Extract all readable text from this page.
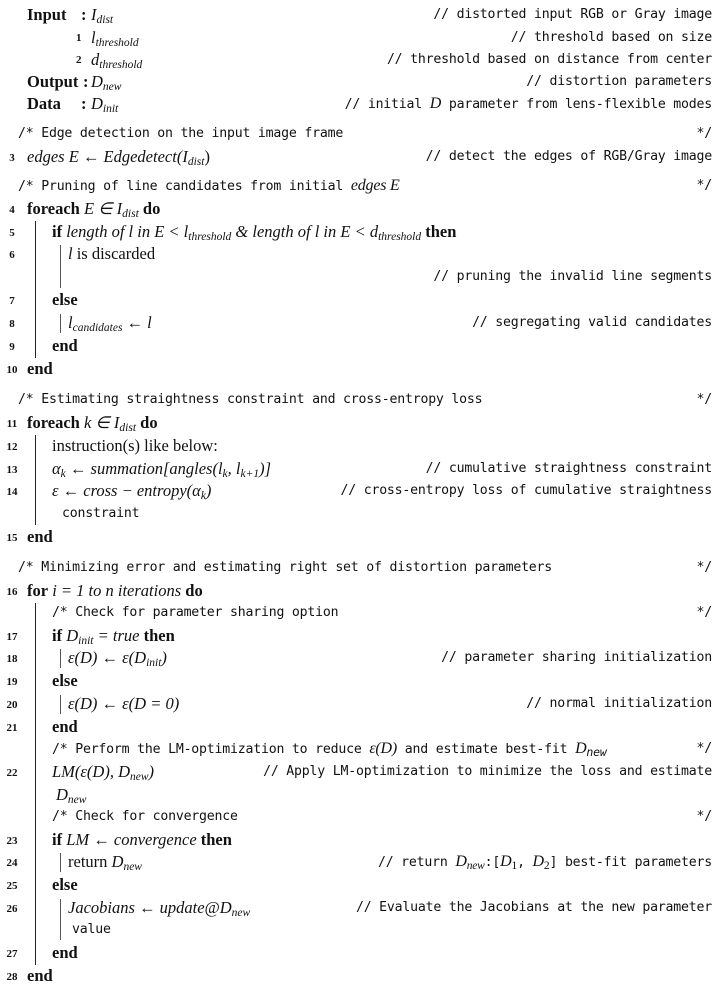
Input : $I_{dist}$	// distorted input RGB or Gray image
1 $l_{threshold}$	// threshold based on size
2 $d_{threshold}$	// threshold based on distance from center
Output : $D_{new}$	// distortion parameters
Data : $D_{init}$	// initial D parameter from lens-flexible modes
/* Edge detection on the input image frame	*/
3 edges E ← $Edgedetect(I_{dist})$	// detect the edges of RGB/Gray image
/* Pruning of line candidates from initial edges E	*/
4 foreach E ∈ $I_{dist}$ do
5	if length of l in $E < l_{threshold}$ & length of l in $E < d_{threshold}$ then
6	l is discarded
// pruning the invalid line segments
7	else
8	$l_{candidates}$ ← l	// segregating valid candidates
9	end
10 end
/* Estimating straightness constraint and cross-entropy loss	*/
11 foreach k ∈ $I_{dist}$ do
12 instruction(s) like below:
13 $\alpha_k$ ← $summation[angles(l_k$, $l_{k+1}$)]	// cumulative straightness constraint
14 ε ← cross − $entropy(\alpha_k)$	// cross-entropy loss of cumulative straightness
constraint
15 end
/* Minimizing error and estimating right set of distortion parameters	*/
16 for i = 1 to n iterations do
/* Check for parameter sharing option	*/
17 if $D_{init}$ = true then
18	ε(D) ← $\varepsilon(D_{init})$	// parameter sharing initialization
19 else
20	ε(D) ← ε(D = 0)	// normal initialization
21 end
/* Perform the LM-optimization to reduce ε(D) and estimate best-fit $D_{new}$	*/
22 LM(ε(D), $D_{new}$)	// Apply LM-optimization to minimize the loss and estimate
$D_{new}$
/* Check for convergence	*/
23 if LM ← convergence then
24	return $D_{new}$	// return $D_{new}:[D_1$, $D_2$] best-fit parameters
25 else
26	Jacobians ← $update@D_{new}$	// Evaluate the Jacobians at the new parameter
value
27 end
28 end
